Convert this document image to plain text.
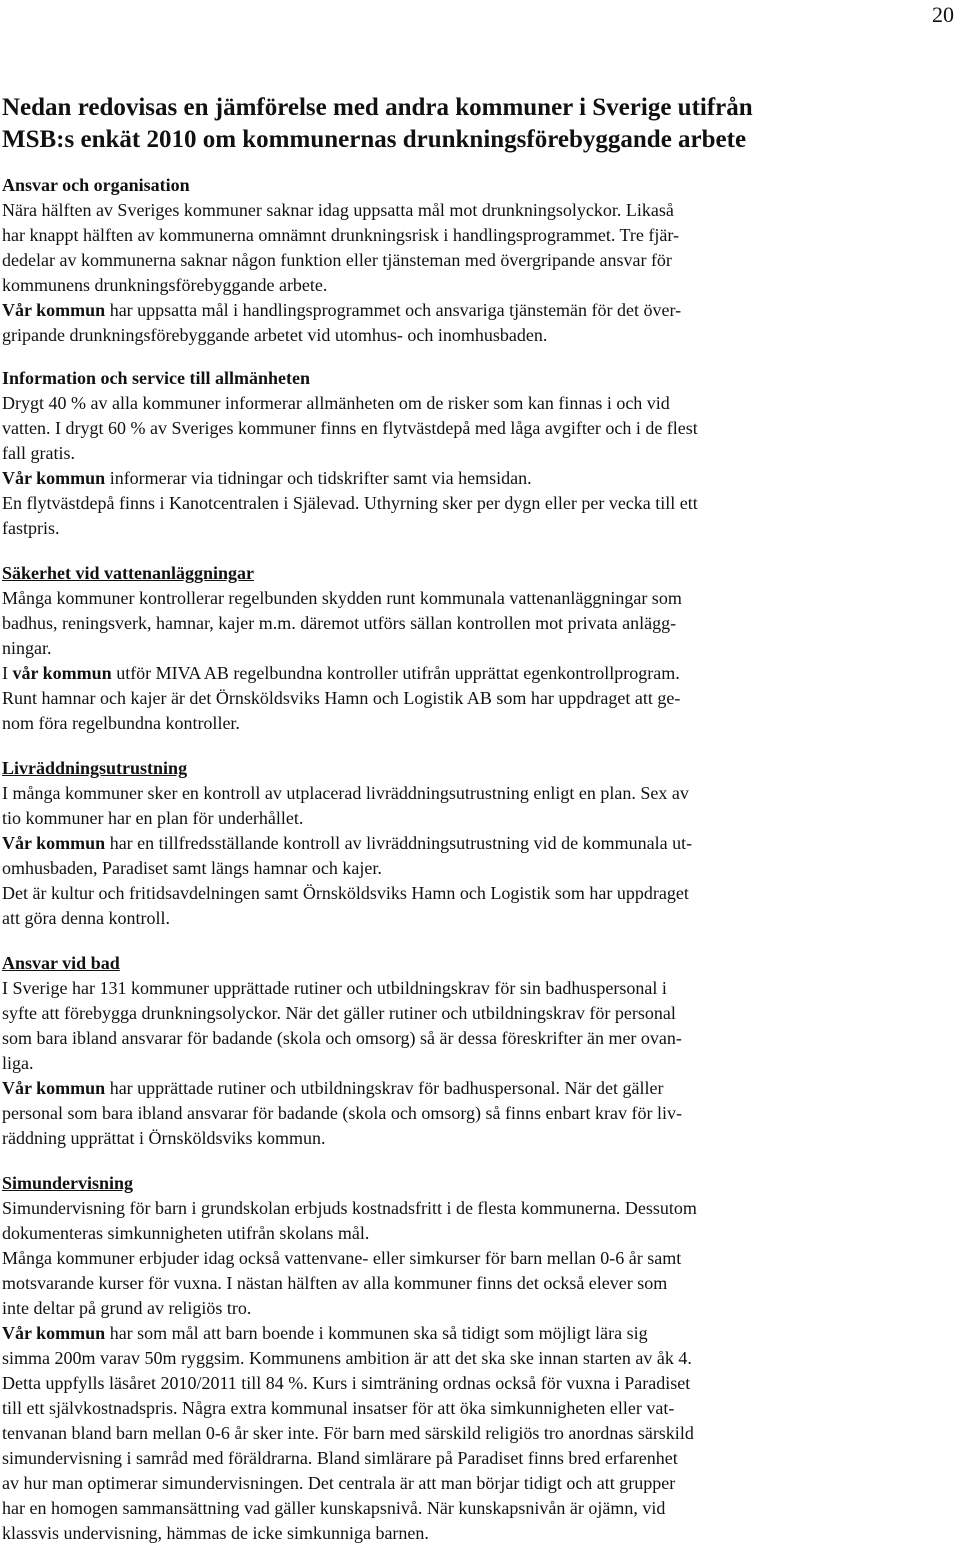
20
Nedan redovisas en jämförelse med andra kommuner i Sverige utifrån
MSB:s enkät 2010 om kommunernas drunkningsförebyggande arbete
Ansvar och organisation

Nära hälften av Sveriges kommuner saknar idag uppsatta mål mot drunkningsolyckor. Likaså

har knappt hälften av kommunerna omnämnt drunkningsrisk i handlingsprogrammet. Tre fjär-

dedelar av kommunerna saknar någon funktion eller tjänsteman med övergripande ansvar för

kommunens drunkningsförebyggande arbete.

Vår kommun har uppsatta mål i handlingsprogrammet och ansvariga tjänstemän för det över-

gripande drunkningsförebyggande arbetet vid utomhus- och inomhusbaden.

Information och service till allmänheten

Drygt 40 % av alla kommuner informerar allmänheten om de risker som kan finnas i och vid

vatten. I drygt 60 % av Sveriges kommuner finns en flytvästdepå med låga avgifter och i de flest

fall gratis.

Vår kommun informerar via tidningar och tidskrifter samt via hemsidan.

En flytvästdepå finns i Kanotcentralen i Själevad. Uthyrning sker per dygn eller per vecka till ett

fastpris.

Säkerhet vid vattenanläggningar

Många kommuner kontrollerar regelbunden skydden runt kommunala vattenanläggningar som

badhus, reningsverk, hamnar, kajer m.m. däremot utförs sällan kontrollen mot privata anlägg-

ningar.

I vår kommun utför MIVA AB regelbundna kontroller utifrån upprättat egenkontrollprogram.

Runt hamnar och kajer är det Örnsköldsviks Hamn och Logistik AB som har uppdraget att ge-

nom föra regelbundna kontroller.

Livräddningsutrustning

I många kommuner sker en kontroll av utplacerad livräddningsutrustning enligt en plan. Sex av

tio kommuner har en plan för underhållet.

Vår kommun har en tillfredsställande kontroll av livräddningsutrustning vid de kommunala ut-

omhusbaden, Paradiset samt längs hamnar och kajer.

Det är kultur och fritidsavdelningen samt Örnsköldsviks Hamn och Logistik som har uppdraget

att göra denna kontroll.

Ansvar vid bad

I Sverige har 131 kommuner upprättade rutiner och utbildningskrav för sin badhuspersonal i

syfte att förebygga drunkningsolyckor. När det gäller rutiner och utbildningskrav för personal

som bara ibland ansvarar för badande (skola och omsorg) så är dessa föreskrifter än mer ovan-

liga.

Vår kommun har upprättade rutiner och utbildningskrav för badhuspersonal. När det gäller

personal som bara ibland ansvarar för badande (skola och omsorg) så finns enbart krav för liv-

räddning upprättat i Örnsköldsviks kommun.

Simundervisning

Simundervisning för barn i grundskolan erbjuds kostnadsfritt i de flesta kommunerna. Dessutom

dokumenteras simkunnigheten utifrån skolans mål.

Många kommuner erbjuder idag också vattenvane- eller simkurser för barn mellan 0-6 år samt

motsvarande kurser för vuxna. I nästan hälften av alla kommuner finns det också elever som

inte deltar på grund av religiös tro.

Vår kommun har som mål att barn boende i kommunen ska så tidigt som möjligt lära sig

simma 200m varav 50m ryggsim. Kommunens ambition är att det ska ske innan starten av åk 4.

Detta uppfylls läsåret 2010/2011 till 84 %. Kurs i simträning ordnas också för vuxna i Paradiset

till ett självkostnadspris. Några extra kommunal insatser för att öka simkunnigheten eller vat-

tenvanan bland barn mellan 0-6 år sker inte. För barn med särskild religiös tro anordnas särskild

simundervisning i samråd med föräldrarna. Bland simlärare på Paradiset finns bred erfarenhet

av hur man optimerar simundervisningen. Det centrala är att man börjar tidigt och att grupper

har en homogen sammansättning vad gäller kunskapsnivå. När kunskapsnivån är ojämn, vid

klassvis undervisning, hämmas de icke simkunniga barnen.
